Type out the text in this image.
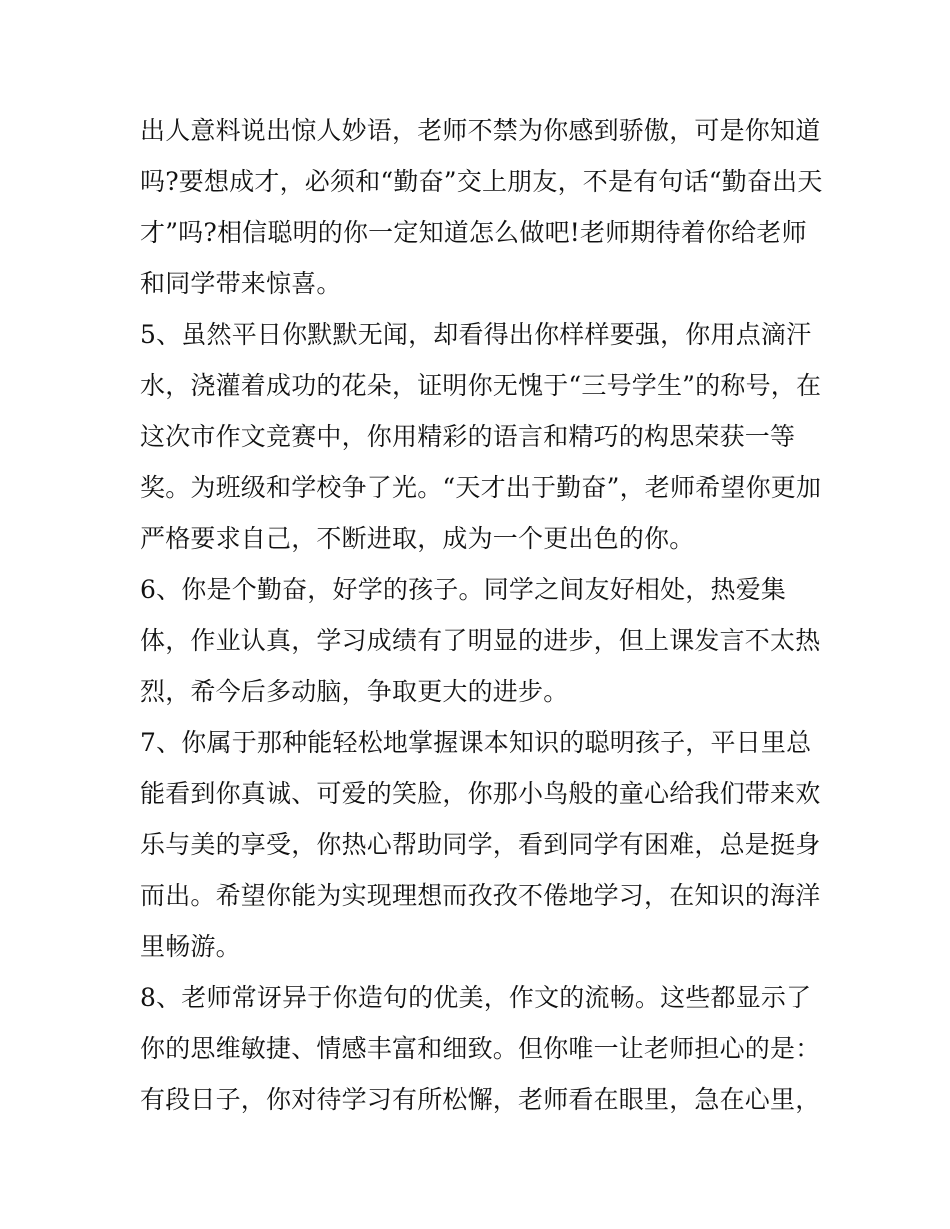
出人意料说出惊人妙语，老师不禁为你感到骄傲，可是你知道
吗?要想成才，必须和“勤奋”交上朋友，不是有句话“勤奋出天
才”吗?相信聪明的你一定知道怎么做吧!老师期待着你给老师
和同学带来惊喜。
5、虽然平日你默默无闻，却看得出你样样要强，你用点滴汗
水，浇灌着成功的花朵，证明你无愧于“三号学生”的称号，在
这次市作文竞赛中，你用精彩的语言和精巧的构思荣获一等
奖。为班级和学校争了光。“天才出于勤奋”，老师希望你更加
严格要求自己，不断进取，成为一个更出色的你。
6、你是个勤奋，好学的孩子。同学之间友好相处，热爱集
体，作业认真，学习成绩有了明显的进步，但上课发言不太热
烈，希今后多动脑，争取更大的进步。
7、你属于那种能轻松地掌握课本知识的聪明孩子，平日里总
能看到你真诚、可爱的笑脸，你那小鸟般的童心给我们带来欢
乐与美的享受，你热心帮助同学，看到同学有困难，总是挺身
而出。希望你能为实现理想而孜孜不倦地学习，在知识的海洋
里畅游。
8、老师常讶异于你造句的优美，作文的流畅。这些都显示了
你的思维敏捷、情感丰富和细致。但你唯一让老师担心的是：
有段日子，你对待学习有所松懈，老师看在眼里，急在心里，
